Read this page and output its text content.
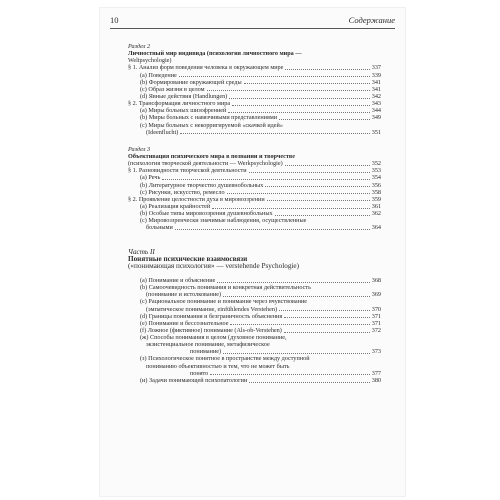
10	Содержание
Раздел 2
Личностный мир индивида (психология личностного мира —
Weltpsychologie)
§ 1. Анализ форм поведения человека в окружающем мире	337
(а) Поведение	339
(b) Формирование окружающей среды	341
(с) Образ жизни в целом	341
(d) Явные действия (Handlungen)	342
§ 2. Трансформация личностного мира	343
(а) Миры больных шизофренией	344
(b) Миры больных с навязчивыми представлениями	349
(с) Миры больных с некорригируемой «скачкой идей»
(Ideenflucht)	351
Раздел 3
Объективация психического мира в познании и творчестве
(психология творческой деятельности — Werkpsychologie)	352
§ 1. Разновидности творческой деятельности	353
(а) Речь	354
(b) Литературное творчество душевнобольных	356
(с) Рисунки, искусство, ремесло	358
§ 2. Проявление целостности духа в мировоззрении	359
(а) Реализация крайностей	361
(b) Особые типы мировоззрения душевнобольных	362
(с) Мировоззренчески значимые наблюдения, осуществленные
больными	364
Часть II
Понятные психические взаимосвязи
(«понимающая психология» — verstehende Psychologie)
(а) Понимание и объяснение	368
(b) Самоочевидность понимания и конкретная действительность
(понимание и истолкование)	369
(с) Рациональное понимание и понимание через вчувствование
(эмпатическое понимание, einfühlendes Verstehen)	370
(d) Границы понимания и безграничность объяснения	371
(е) Понимание и бессознательное	371
(f) Ложное (фиктивное) понимание (Als-ob-Verstehen)	372
(ж) Способы понимания в целом (духовное понимание,
экзистенциальное понимание, метафизическое
понимание)	373
(з) Психологическое понятное в пространстве между доступной
пониманию объективностью и тем, что не может быть
понято	377
(и) Задачи понимающей психопатологии	380
